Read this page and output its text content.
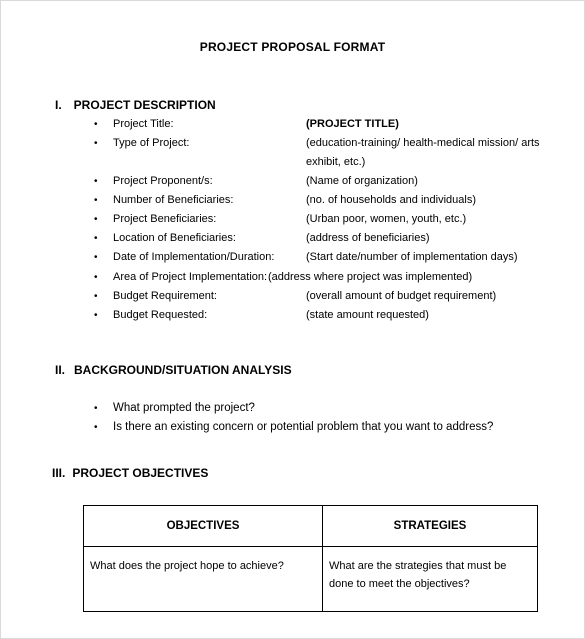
PROJECT PROPOSAL FORMAT
I. PROJECT DESCRIPTION
• Project Title:	(PROJECT TITLE)
• Type of Project:	(education-training/ health-medical mission/ arts
exhibit, etc.)
• Project Proponent/s:	(Name of organization)
• Number of Beneficiaries:	(no. of households and individuals)
• Project Beneficiaries:	(Urban poor, women, youth, etc.)
• Location of Beneficiaries:	(address of beneficiaries)
• Date of Implementation/Duration:	(Start date/number of implementation days)
• Area of Project Implementation: (address where project was implemented)
• Budget Requirement:	(overall amount of budget requirement)
• Budget Requested:	(state amount requested)
II. BACKGROUND/SITUATION ANALYSIS
• What prompted the project?
• Is there an existing concern or potential problem that you want to address?
III. PROJECT OBJECTIVES
OBJECTIVES	STRATEGIES
What does the project hope to achieve?	What are the strategies that must be done to meet the objectives?
